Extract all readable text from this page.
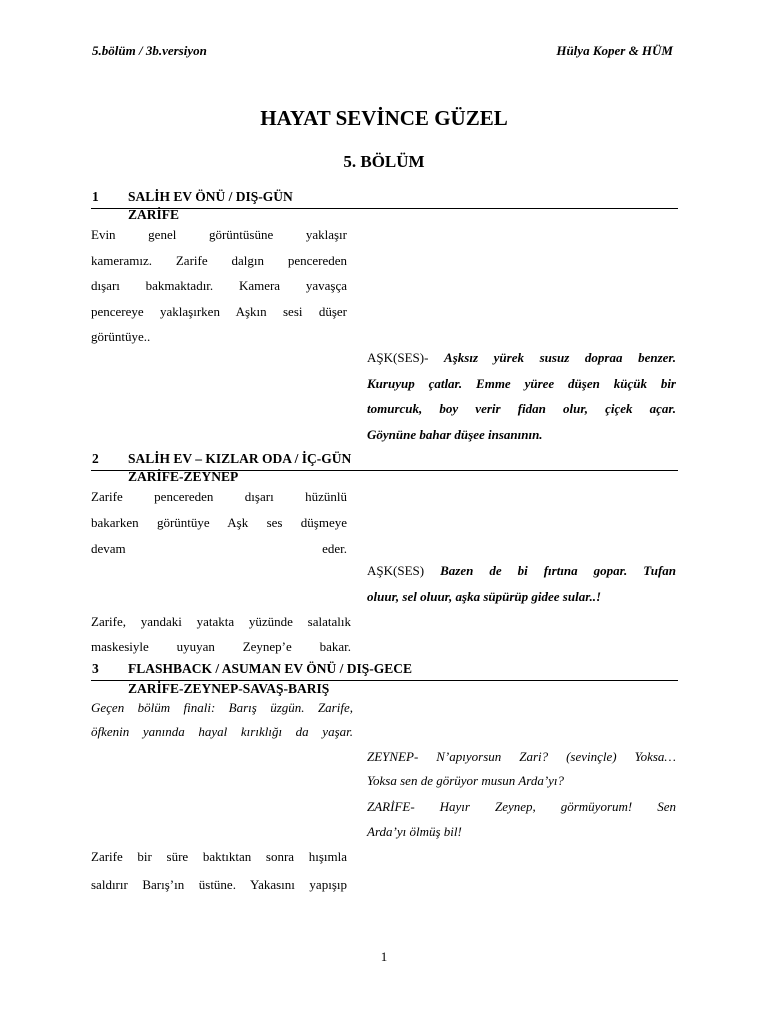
5.bölüm / 3b.versiyon	Hülya Koper & HÜM
HAYAT SEVİNCE GÜZEL
5. BÖLÜM
1 SALİH EV ÖNÜ / DIŞ-GÜN
ZARİFE
Evin genel görüntüsüne yaklaşır
kameramız. Zarife dalgın pencereden
dışarı bakmaktadır. Kamera yavaşça
pencereye yaklaşırken Aşkın sesi düşer
görüntüye..
AŞK(SES)- Aşksız yürek susuz dopraa benzer.
Kuruyup çatlar. Emme yüree düşen küçük bir
tomurcuk, boy verir fidan olur, çiçek açar.
Göynüne bahar düşee insanının.
2 SALİH EV – KIZLAR ODA / İÇ-GÜN
ZARİFE-ZEYNEP
Zarife pencereden dışarı hüzünlü
bakarken görüntüye Aşk ses düşmeye
devam eder.
AŞK(SES) Bazen de bi fırtına gopar. Tufan
oluur, sel oluur, aşka süpürüp gidee sular..!
Zarife, yandaki yatakta yüzünde salatalık
maskesiyle uyuyan Zeynep’e bakar.
3 FLASHBACK / ASUMAN EV ÖNÜ / DIŞ-GECE
ZARİFE-ZEYNEP-SAVAŞ-BARIŞ
Geçen bölüm finali: Barış üzgün. Zarife,
öfkenin yanında hayal kırıklığı da yaşar.
ZEYNEP- N’apıyorsun Zari? (sevinçle) Yoksa…
Yoksa sen de görüyor musun Arda’yı?
ZARİFE- Hayır Zeynep, görmüyorum! Sen
Arda’yı ölmüş bil!
Zarife bir süre baktıktan sonra hışımla
saldırır Barış’ın üstüne. Yakasını yapışıp
1
